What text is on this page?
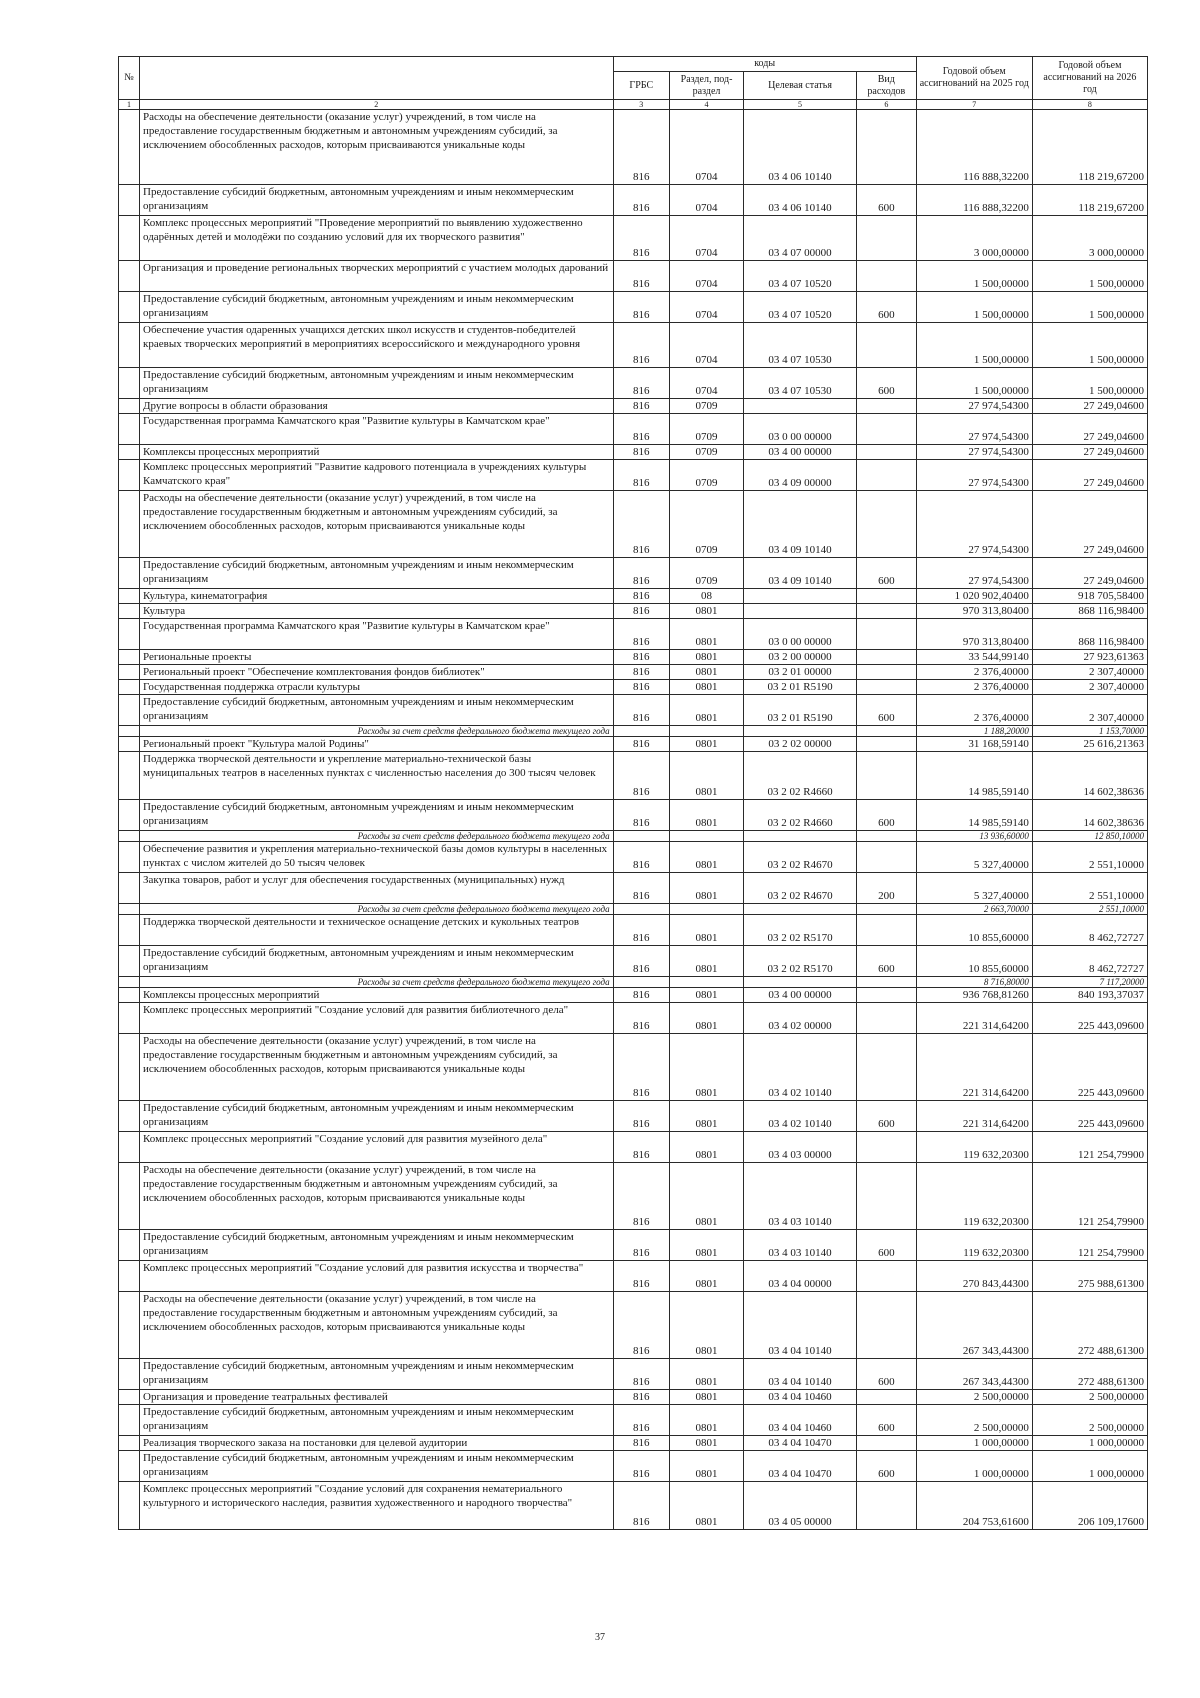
№		коды				Годовой объем ассигнований на 2025 год	Годовой объем ассигнований на 2026 год
		ГРБС	Раздел, под-раздел	Целевая статья	Вид расходов		
1	2	3	4	5	6	7	8
	Расходы на обеспечение деятельности (оказание услуг) учреждений, в том числе на предоставление государственным бюджетным и автономным учреждениям субсидий, за исключением обособленных расходов, которым присваиваются уникальные коды	816	0704	03 4 06 10140		116 888,32200	118 219,67200
	Предоставление субсидий бюджетным, автономным учреждениям и иным некоммерческим организациям	816	0704	03 4 06 10140	600	116 888,32200	118 219,67200
	Комплекс процессных мероприятий "Проведение мероприятий по выявлению художественно одарённых детей и молодёжи по созданию условий для их творческого развития"	816	0704	03 4 07 00000		3 000,00000	3 000,00000
	Организация и проведение региональных творческих мероприятий с участием молодых дарований	816	0704	03 4 07 10520		1 500,00000	1 500,00000
	Предоставление субсидий бюджетным, автономным учреждениям и иным некоммерческим организациям	816	0704	03 4 07 10520	600	1 500,00000	1 500,00000
	Обеспечение участия одаренных учащихся детских школ искусств и студентов-победителей краевых творческих мероприятий в мероприятиях всероссийского и международного уровня	816	0704	03 4 07 10530		1 500,00000	1 500,00000
	Предоставление субсидий бюджетным, автономным учреждениям и иным некоммерческим организациям	816	0704	03 4 07 10530	600	1 500,00000	1 500,00000
	Другие вопросы в области образования	816	0709			27 974,54300	27 249,04600
	Государственная программа Камчатского края "Развитие культуры в Камчатском крае"	816	0709	03 0 00 00000		27 974,54300	27 249,04600
	Комплексы процессных мероприятий	816	0709	03 4 00 00000		27 974,54300	27 249,04600
	Комплекс процессных мероприятий "Развитие кадрового потенциала в учреждениях культуры Камчатского края"	816	0709	03 4 09 00000		27 974,54300	27 249,04600
	Расходы на обеспечение деятельности (оказание услуг) учреждений, в том числе на предоставление государственным бюджетным и автономным учреждениям субсидий, за исключением обособленных расходов, которым присваиваются уникальные коды	816	0709	03 4 09 10140		27 974,54300	27 249,04600
	Предоставление субсидий бюджетным, автономным учреждениям и иным некоммерческим организациям	816	0709	03 4 09 10140	600	27 974,54300	27 249,04600
	Культура, кинематография	816	08			1 020 902,40400	918 705,58400
	Культура	816	0801			970 313,80400	868 116,98400
	Государственная программа Камчатского края "Развитие культуры в Камчатском крае"	816	0801	03 0 00 00000		970 313,80400	868 116,98400
	Региональные проекты	816	0801	03 2 00 00000		33 544,99140	27 923,61363
	Региональный проект "Обеспечение комплектования фондов библиотек"	816	0801	03 2 01 00000		2 376,40000	2 307,40000
	Государственная поддержка отрасли культуры	816	0801	03 2 01 R5190		2 376,40000	2 307,40000
	Предоставление субсидий бюджетным, автономным учреждениям и иным некоммерческим организациям	816	0801	03 2 01 R5190	600	2 376,40000	2 307,40000
	Расходы за счет средств федерального бюджета текущего года					1 188,20000	1 153,70000
	Региональный проект "Культура малой Родины"	816	0801	03 2 02 00000		31 168,59140	25 616,21363
	Поддержка творческой деятельности и укрепление материально-технической базы муниципальных театров в населенных пунктах с численностью населения до 300 тысяч человек	816	0801	03 2 02 R4660		14 985,59140	14 602,38636
	Предоставление субсидий бюджетным, автономным учреждениям и иным некоммерческим организациям	816	0801	03 2 02 R4660	600	14 985,59140	14 602,38636
	Расходы за счет средств федерального бюджета текущего года					13 936,60000	12 850,10000
	Обеспечение развития и укрепления материально-технической базы домов культуры в населенных пунктах с числом жителей до 50 тысяч человек	816	0801	03 2 02 R4670		5 327,40000	2 551,10000
	Закупка товаров, работ и услуг для обеспечения государственных (муниципальных) нужд	816	0801	03 2 02 R4670	200	5 327,40000	2 551,10000
	Расходы за счет средств федерального бюджета текущего года					2 663,70000	2 551,10000
	Поддержка творческой деятельности и техническое оснащение детских и кукольных театров	816	0801	03 2 02 R5170		10 855,60000	8 462,72727
	Предоставление субсидий бюджетным, автономным учреждениям и иным некоммерческим организациям	816	0801	03 2 02 R5170	600	10 855,60000	8 462,72727
	Расходы за счет средств федерального бюджета текущего года					8 716,80000	7 117,20000
	Комплексы процессных мероприятий	816	0801	03 4 00 00000		936 768,81260	840 193,37037
	Комплекс процессных мероприятий "Создание условий для развития библиотечного дела"	816	0801	03 4 02 00000		221 314,64200	225 443,09600
	Расходы на обеспечение деятельности (оказание услуг) учреждений, в том числе на предоставление государственным бюджетным и автономным учреждениям субсидий, за исключением обособленных расходов, которым присваиваются уникальные коды	816	0801	03 4 02 10140		221 314,64200	225 443,09600
	Предоставление субсидий бюджетным, автономным учреждениям и иным некоммерческим организациям	816	0801	03 4 02 10140	600	221 314,64200	225 443,09600
	Комплекс процессных мероприятий "Создание условий для развития музейного дела"	816	0801	03 4 03 00000		119 632,20300	121 254,79900
	Расходы на обеспечение деятельности (оказание услуг) учреждений, в том числе на предоставление государственным бюджетным и автономным учреждениям субсидий, за исключением обособленных расходов, которым присваиваются уникальные коды	816	0801	03 4 03 10140		119 632,20300	121 254,79900
	Предоставление субсидий бюджетным, автономным учреждениям и иным некоммерческим организациям	816	0801	03 4 03 10140	600	119 632,20300	121 254,79900
	Комплекс процессных мероприятий "Создание условий для развития искусства и творчества"	816	0801	03 4 04 00000		270 843,44300	275 988,61300
	Расходы на обеспечение деятельности (оказание услуг) учреждений, в том числе на предоставление государственным бюджетным и автономным учреждениям субсидий, за исключением обособленных расходов, которым присваиваются уникальные коды	816	0801	03 4 04 10140		267 343,44300	272 488,61300
	Предоставление субсидий бюджетным, автономным учреждениям и иным некоммерческим организациям	816	0801	03 4 04 10140	600	267 343,44300	272 488,61300
	Организация и проведение театральных фестивалей	816	0801	03 4 04 10460		2 500,00000	2 500,00000
	Предоставление субсидий бюджетным, автономным учреждениям и иным некоммерческим организациям	816	0801	03 4 04 10460	600	2 500,00000	2 500,00000
	Реализация творческого заказа на постановки для целевой аудитории	816	0801	03 4 04 10470		1 000,00000	1 000,00000
	Предоставление субсидий бюджетным, автономным учреждениям и иным некоммерческим организациям	816	0801	03 4 04 10470	600	1 000,00000	1 000,00000
	Комплекс процессных мероприятий "Создание условий для сохранения нематериального культурного и исторического наследия, развития художественного и народного творчества"	816	0801	03 4 05 00000		204 753,61600	206 109,17600
37
